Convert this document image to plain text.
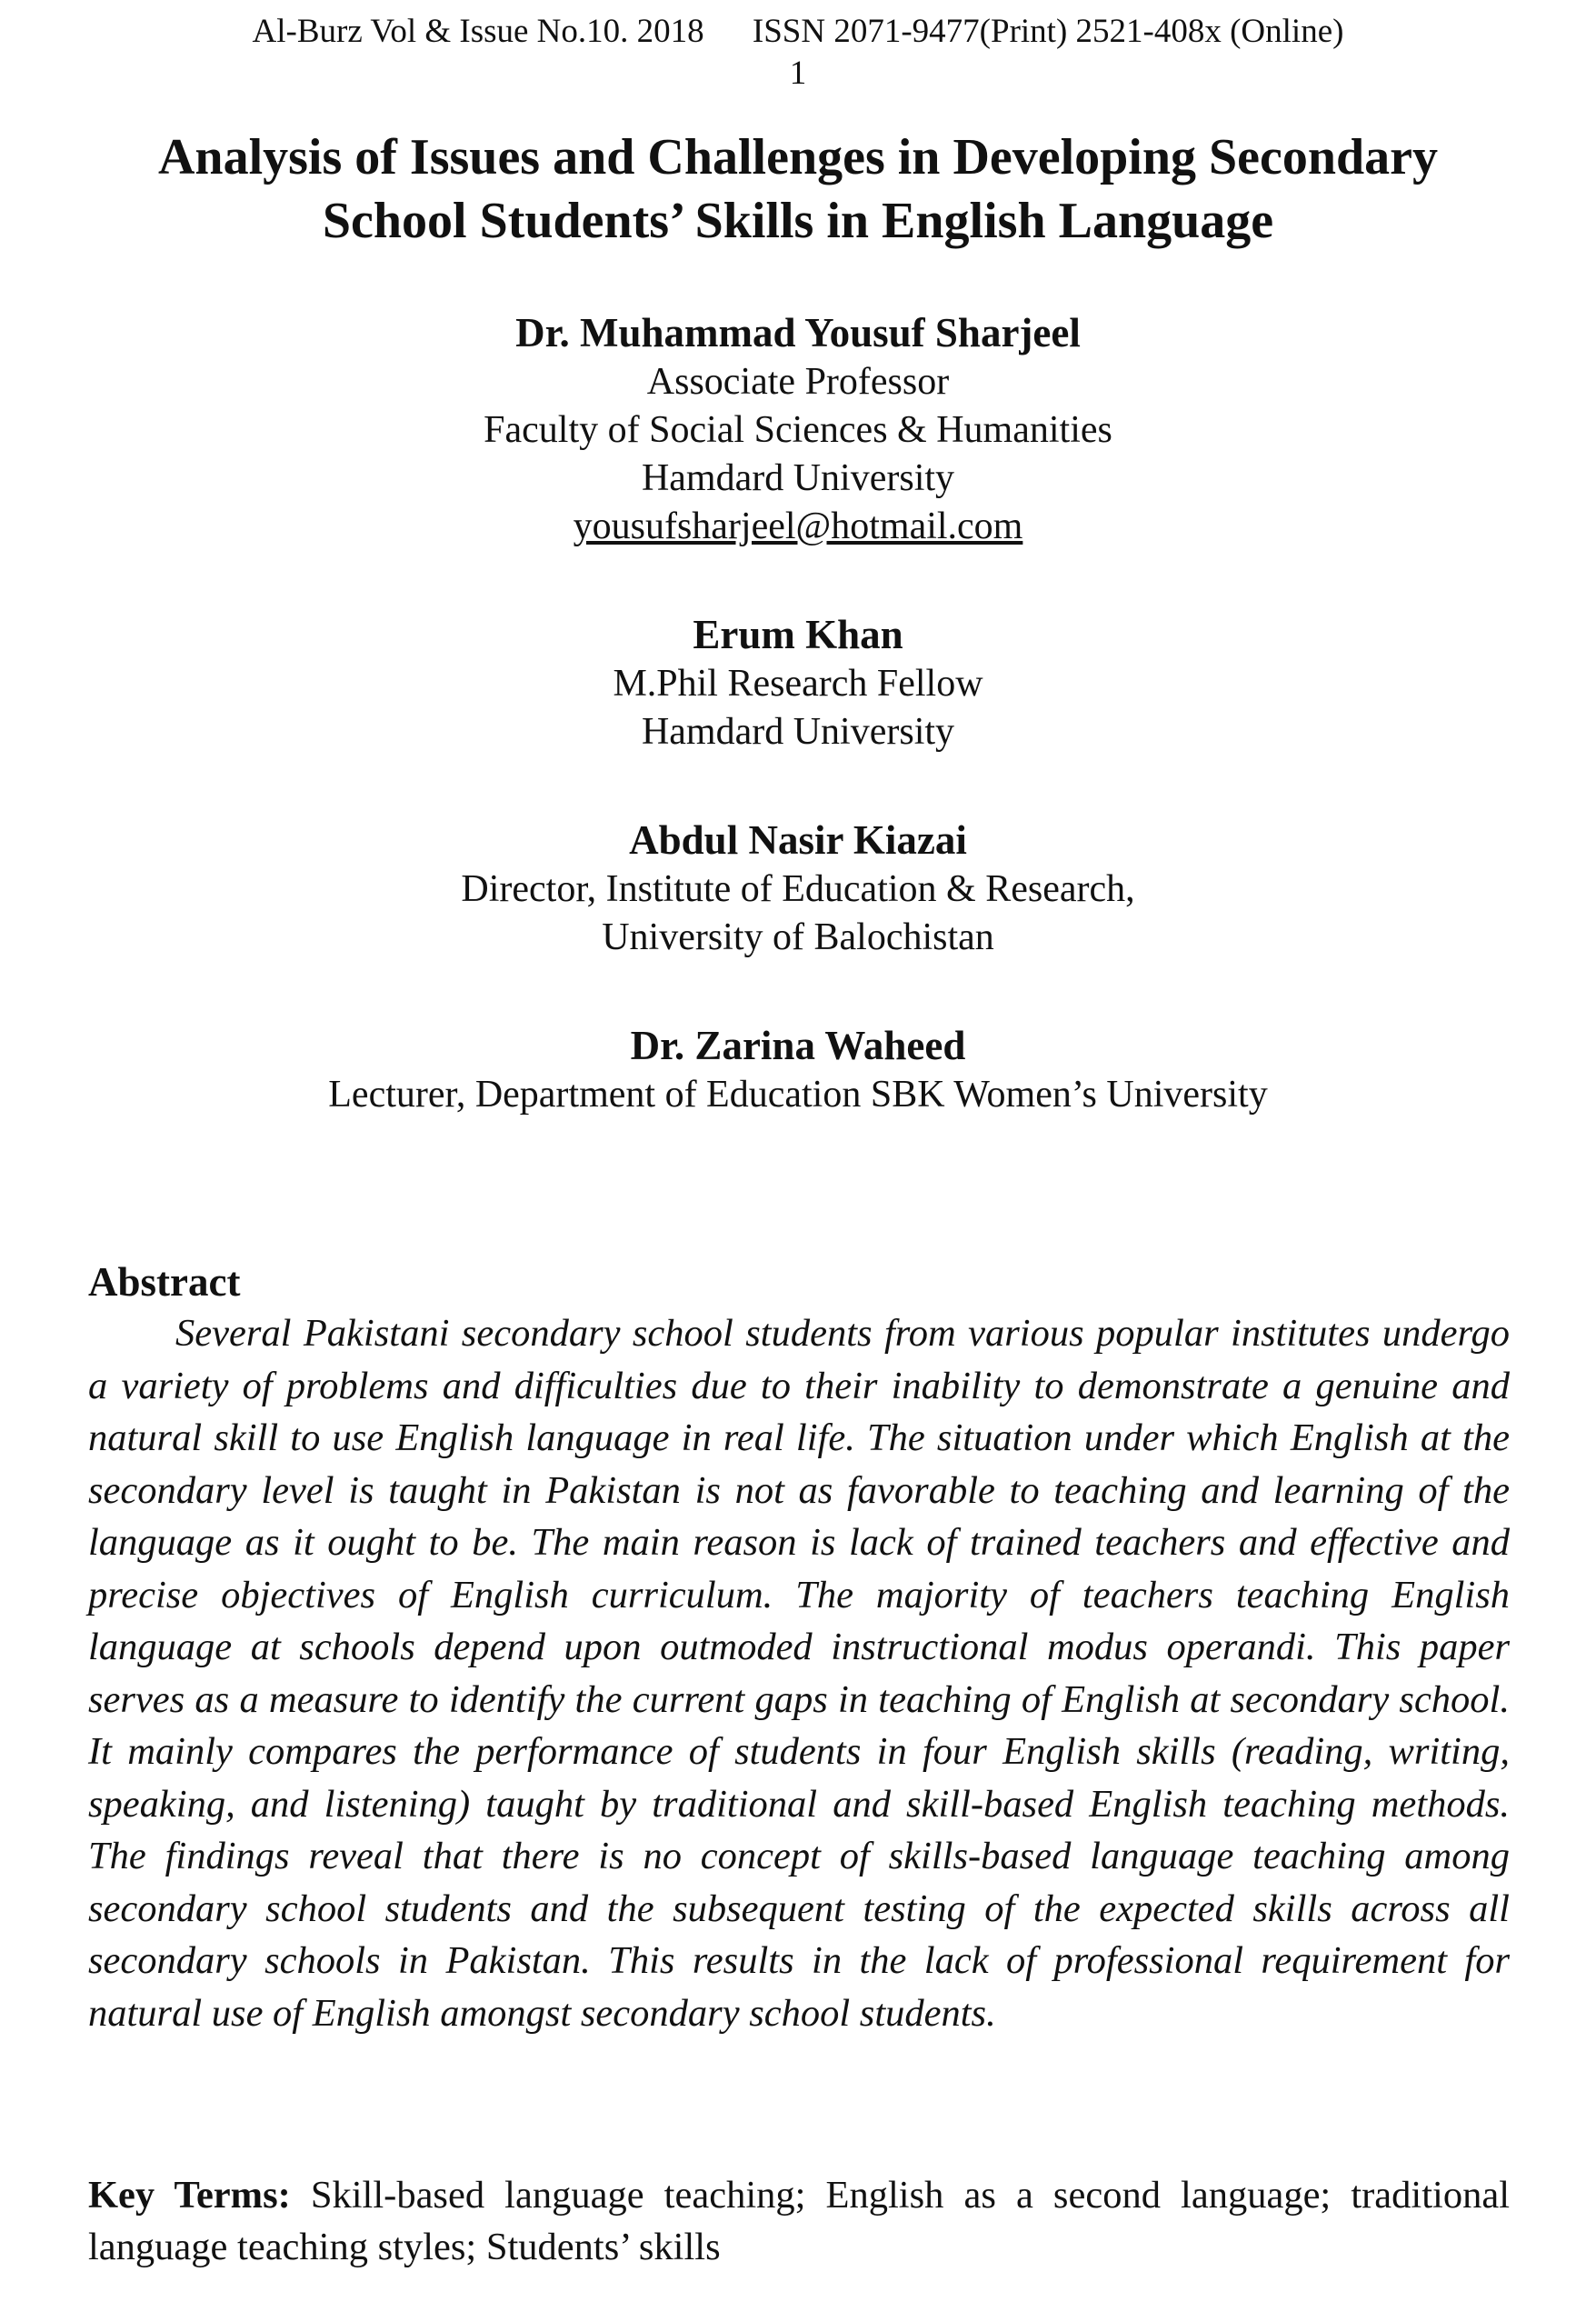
Al-Burz Vol & Issue No.10. 2018 ISSN 2071-9477(Print) 2521-408x (Online)
1
Analysis of Issues and Challenges in Developing Secondary
School Students’ Skills in English Language
Dr. Muhammad Yousuf Sharjeel
Associate Professor
Faculty of Social Sciences & Humanities
Hamdard University
yousufsharjeel@hotmail.com
Erum Khan
M.Phil Research Fellow
Hamdard University
Abdul Nasir Kiazai
Director, Institute of Education & Research,
University of Balochistan
Dr. Zarina Waheed
Lecturer, Department of Education SBK Women’s University
Abstract

Several Pakistani secondary school students from various popular institutes undergo a variety of problems and difficulties due to their inability to demonstrate a genuine and natural skill to use English language in real life. The situation under which English at the secondary level is taught in Pakistan is not as favorable to teaching and learning of the language as it ought to be. The main reason is lack of trained teachers and effective and precise objectives of English curriculum. The majority of teachers teaching English language at schools depend upon outmoded instructional modus operandi. This paper serves as a measure to identify the current gaps in teaching of English at secondary school. It mainly compares the performance of students in four English skills (reading, writing, speaking, and listening) taught by traditional and skill-based English teaching methods. The findings reveal that there is no concept of skills-based language teaching among secondary school students and the subsequent testing of the expected skills across all secondary schools in Pakistan. This results in the lack of professional requirement for natural use of English amongst secondary school students.

Key Terms: Skill-based language teaching; English as a second language; traditional language teaching styles; Students’ skills
